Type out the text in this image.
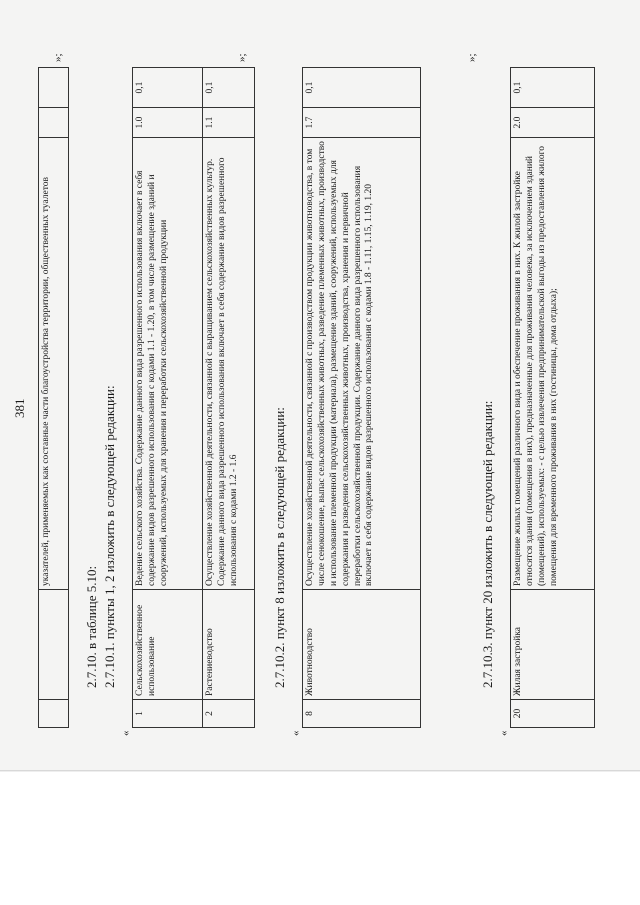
381
		указателей, применяемых как составные части благоустройства территории, общественных туалетов		
»;
2.7.10. в таблице 5.10: 2.7.10.1. пункты 1, 2 изложить в следующей редакции:
«
1	Сельскохозяйственное использование	Ведение сельского хозяйства. Содержание данного вида разрешенного использования включает в себя содержание видов разрешенного использования с кодами 1.1 - 1.20, в том числе размещение зданий и сооружений, используемых для хранения и переработки сельскохозяйственной продукции	1.0	0,1
2	Растениеводство	Осуществление хозяйственной деятельности, связанной с выращиванием сельскохозяйственных культур. Содержание данного вида разрешенного использования включает в себя содержание видов разрешенного использования с кодами 1.2 - 1.6	1.1	0,1
»;
2.7.10.2. пункт 8 изложить в следующей редакции:
«
8	Животноводство	Осуществление хозяйственной деятельности, связанной с производством продукции животноводства, в том числе сенокошение, выпас сельскохозяйственных животных, разведение племенных животных, производство и использование племенной продукции (материала), размещение зданий, сооружений, используемых для содержания и разведения сельскохозяйственных животных, производства, хранения и первичной переработки сельскохозяйственной продукции. Содержание данного вида разрешенного использования включает в себя содержание видов разрешенного использования с кодами 1.8 - 1.11, 1.15, 1.19, 1.20	1.7	0,1
»;
2.7.10.3. пункт 20 изложить в следующей редакции:
«
20	Жилая застройка	Размещение жилых помещений различного вида и обеспечение проживания в них. К жилой застройке относятся здания (помещения в них), предназначенные для проживания человека, за исключением зданий (помещений), используемых: - с целью извлечения предпринимательской выгоды из предоставления жилого помещения для временного проживания в них (гостиницы, дома отдыха);	2.0	0,1
